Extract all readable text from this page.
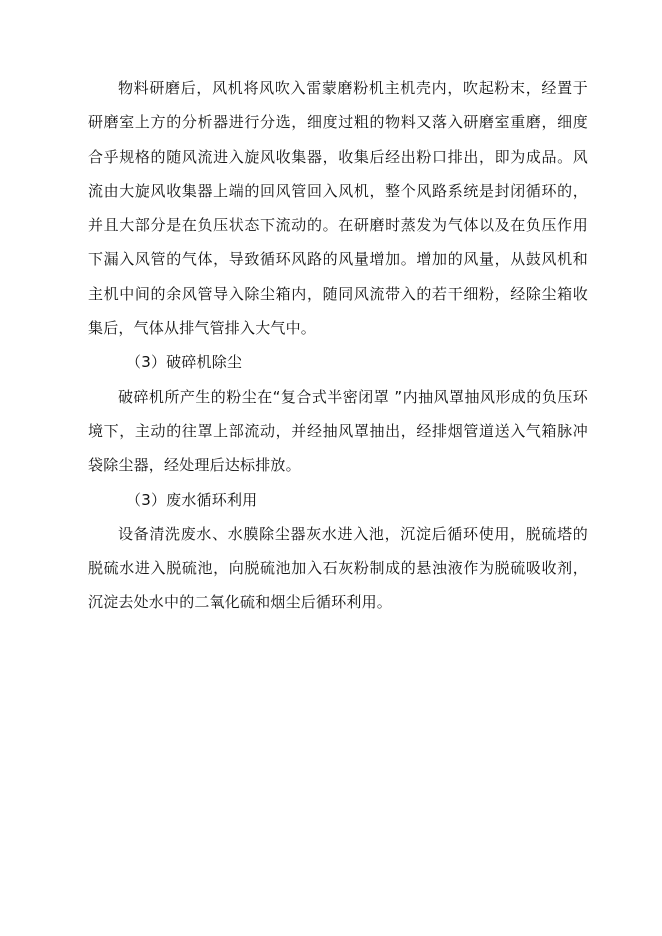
物料研磨后，风机将风吹入雷蒙磨粉机主机壳内，吹起粉末，经置于研磨室上方的分析器进行分选，细度过粗的物料又落入研磨室重磨，细度合乎规格的随风流进入旋风收集器，收集后经出粉口排出，即为成品。风流由大旋风收集器上端的回风管回入风机，整个风路系统是封闭循环的，并且大部分是在负压状态下流动的。在研磨时蒸发为气体以及在负压作用下漏入风管的气体，导致循环风路的风量增加。增加的风量，从鼓风机和主机中间的余风管导入除尘箱内，随同风流带入的若干细粉，经除尘箱收集后，气体从排气管排入大气中。

（3）破碎机除尘

破碎机所产生的粉尘在“复合式半密闭罩 ”内抽风罩抽风形成的负压环境下，主动的往罩上部流动，并经抽风罩抽出，经排烟管道送入气箱脉冲袋除尘器，经处理后达标排放。

（3）废水循环利用

设备清洗废水、水膜除尘器灰水进入池，沉淀后循环使用，脱硫塔的脱硫水进入脱硫池，向脱硫池加入石灰粉制成的悬浊液作为脱硫吸收剂，沉淀去处水中的二氧化硫和烟尘后循环利用。
